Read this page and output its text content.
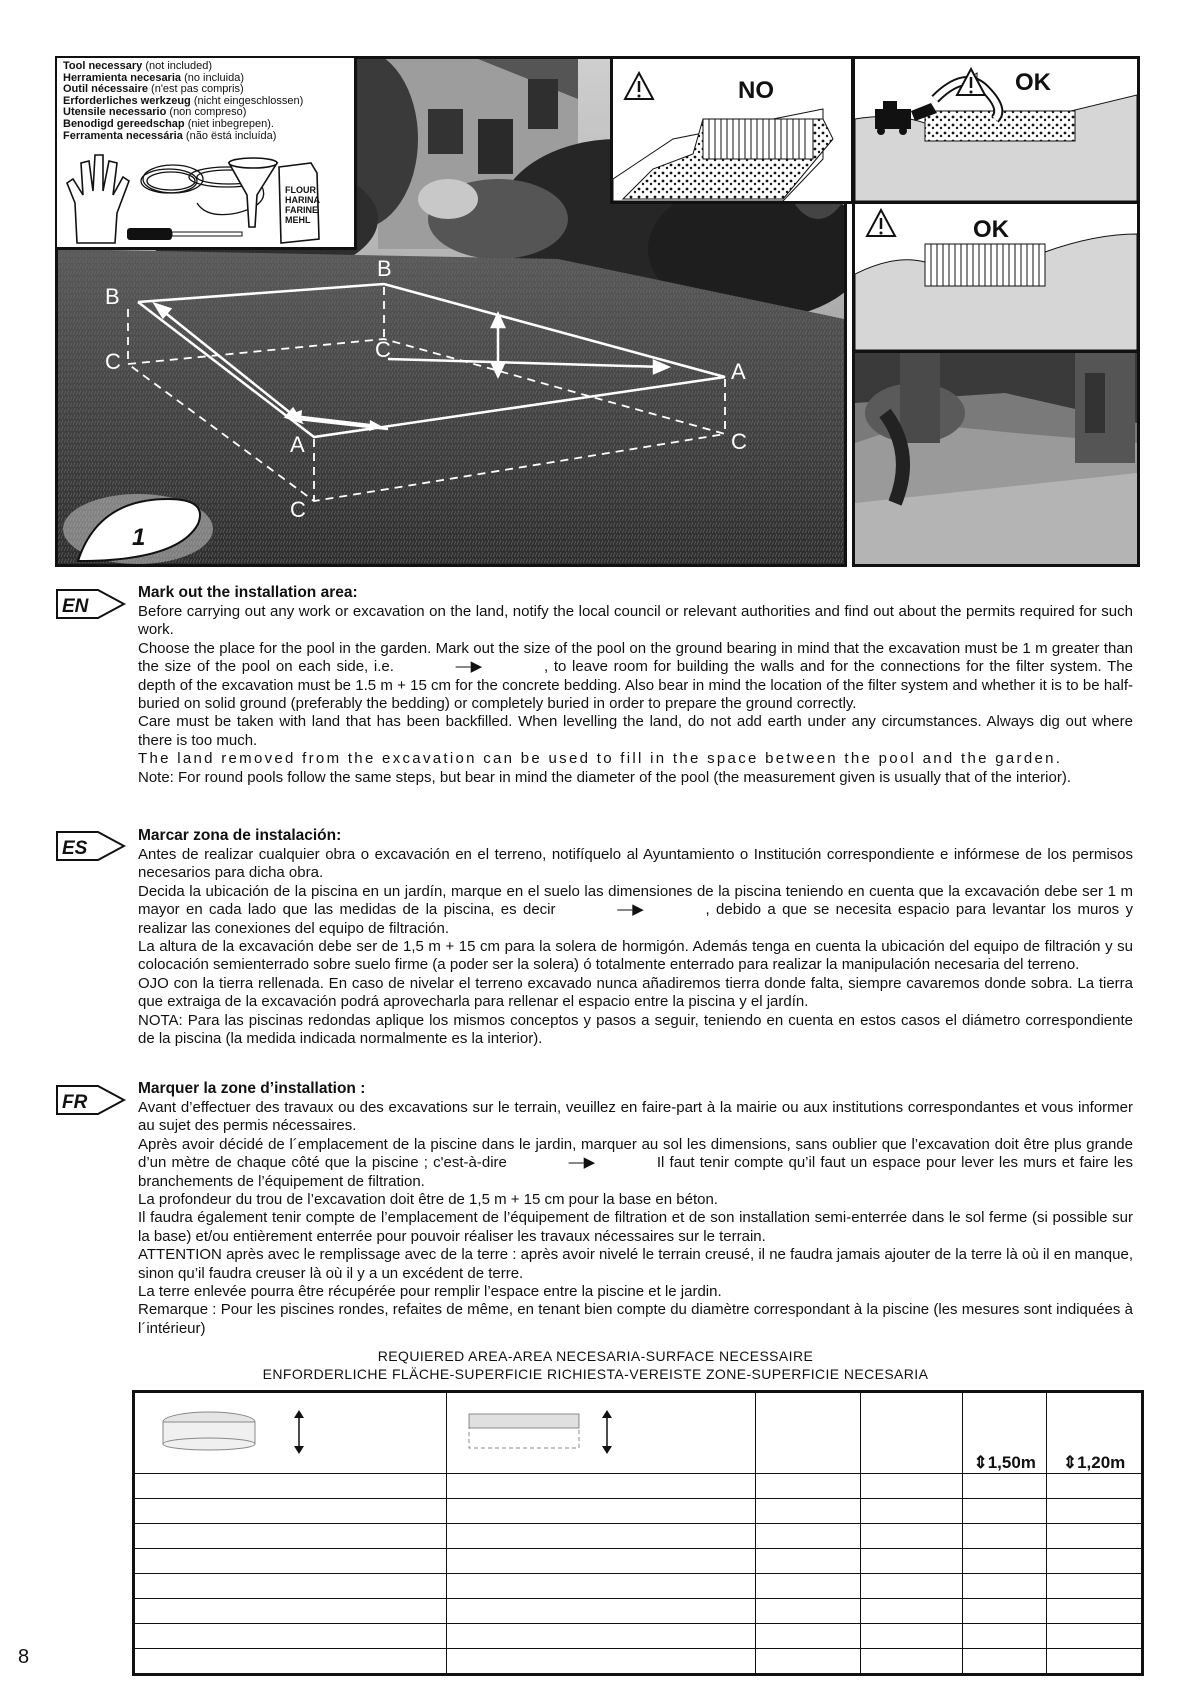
B
B
C	C
A
A	C
C
1
Tool necessary (not included)
Herramienta necesaria (no incluida)
Outil nécessaire (n'est pas compris)
Erforderliches werkzeug (nicht eingeschlossen)
Utensile necessario (non compreso)
Benodigd gereedschap (niet inbegrepen).
Ferramenta necessária (não ëstá incluída)
FLOUR
HARINA
FARINE
MEHL
NO	OK
OK
EN
Mark out the installation area:

Before carrying out any work or excavation on the land, notify the local council or relevant authorities and find out about the permits required for such work.

Choose the place for the pool in the garden. Mark out the size of the pool on the ground bearing in mind that the excavation must be 1 m greater than the size of the pool on each side, i.e.	—▶	, to leave room for building the walls and for the connections for the filter system. The depth of the excavation must be 1.5 m + 15 cm for the concrete bedding. Also bear in mind the location of the filter system and whether it is to be half-buried on solid ground (preferably the bedding) or completely buried in order to prepare the ground correctly.

Care must be taken with land that has been backfilled. When levelling the land, do not add earth under any circumstances. Always dig out where there is too much.

The land removed from the excavation can be used to fill in the space between the pool and the garden.

Note: For round pools follow the same steps, but bear in mind the diameter of the pool (the measurement given is usually that of the interior).

ES
Marcar zona de instalación:

Antes de realizar cualquier obra o excavación en el terreno, notifíquelo al Ayuntamiento o Institución correspondiente e infórmese de los permisos necesarios para dicha obra.

Decida la ubicación de la piscina en un jardín, marque en el suelo las dimensiones de la piscina teniendo en cuenta que la excavación debe ser 1 m mayor en cada lado que las medidas de la piscina, es decir	—▶	, debido a que se necesita espacio para levantar los muros y realizar las conexiones del equipo de filtración.

La altura de la excavación debe ser de 1,5 m + 15 cm para la solera de hormigón. Además tenga en cuenta la ubicación del equipo de filtración y su colocación semienterrado sobre suelo firme (a poder ser la solera) ó totalmente enterrado para realizar la manipulación necesaria del terreno.

OJO con la tierra rellenada. En caso de nivelar el terreno excavado nunca añadiremos tierra donde falta, siempre cavaremos donde sobra. La tierra que extraiga de la excavación podrá aprovecharla para rellenar el espacio entre la piscina y el jardín.

NOTA: Para las piscinas redondas aplique los mismos conceptos y pasos a seguir, teniendo en cuenta en estos casos el diámetro correspondiente de la piscina (la medida indicada normalmente es la interior).

FR
Marquer la zone d’installation :

Avant d’effectuer des travaux ou des excavations sur le terrain, veuillez en faire-part à la mairie ou aux institutions correspondantes et vous informer au sujet des permis nécessaires.

Après avoir décidé de l´emplacement de la piscine dans le jardin, marquer au sol les dimensions, sans oublier que l’excavation doit être plus grande d’un mètre de chaque côté que la piscine ; c'est-à-dire	—▶	Il faut tenir compte qu’il faut un espace pour lever les murs et faire les branchements de l’équipement de filtration.

La profondeur du trou de l’excavation doit être de 1,5 m + 15 cm pour la base en béton.

Il faudra également tenir compte de l’emplacement de l’équipement de filtration et de son installation semi-enterrée dans le sol ferme (si possible sur la base) et/ou entièrement enterrée pour pouvoir réaliser les travaux nécessaires sur le terrain.

ATTENTION après avec le remplissage avec de la terre : après avoir nivelé le terrain creusé, il ne faudra jamais ajouter de la terre là où il en manque, sinon qu’il faudra creuser là où il y a un excédent de terre.

La terre enlevée pourra être récupérée pour remplir l’espace entre la piscine et le jardin.

Remarque : Pour les piscines rondes, refaites de même, en tenant bien compte du diamètre correspondant à la piscine (les mesures sont indiquées à l´intérieur)

REQUIERED AREA-AREA NECESARIA-SURFACE NECESSAIRE
ENFORDERLICHE FLÄCHE-SUPERFICIE RICHIESTA-VEREISTE ZONE-SUPERFICIE NECESARIA
				⇕1,50m	⇕1,20m

8
